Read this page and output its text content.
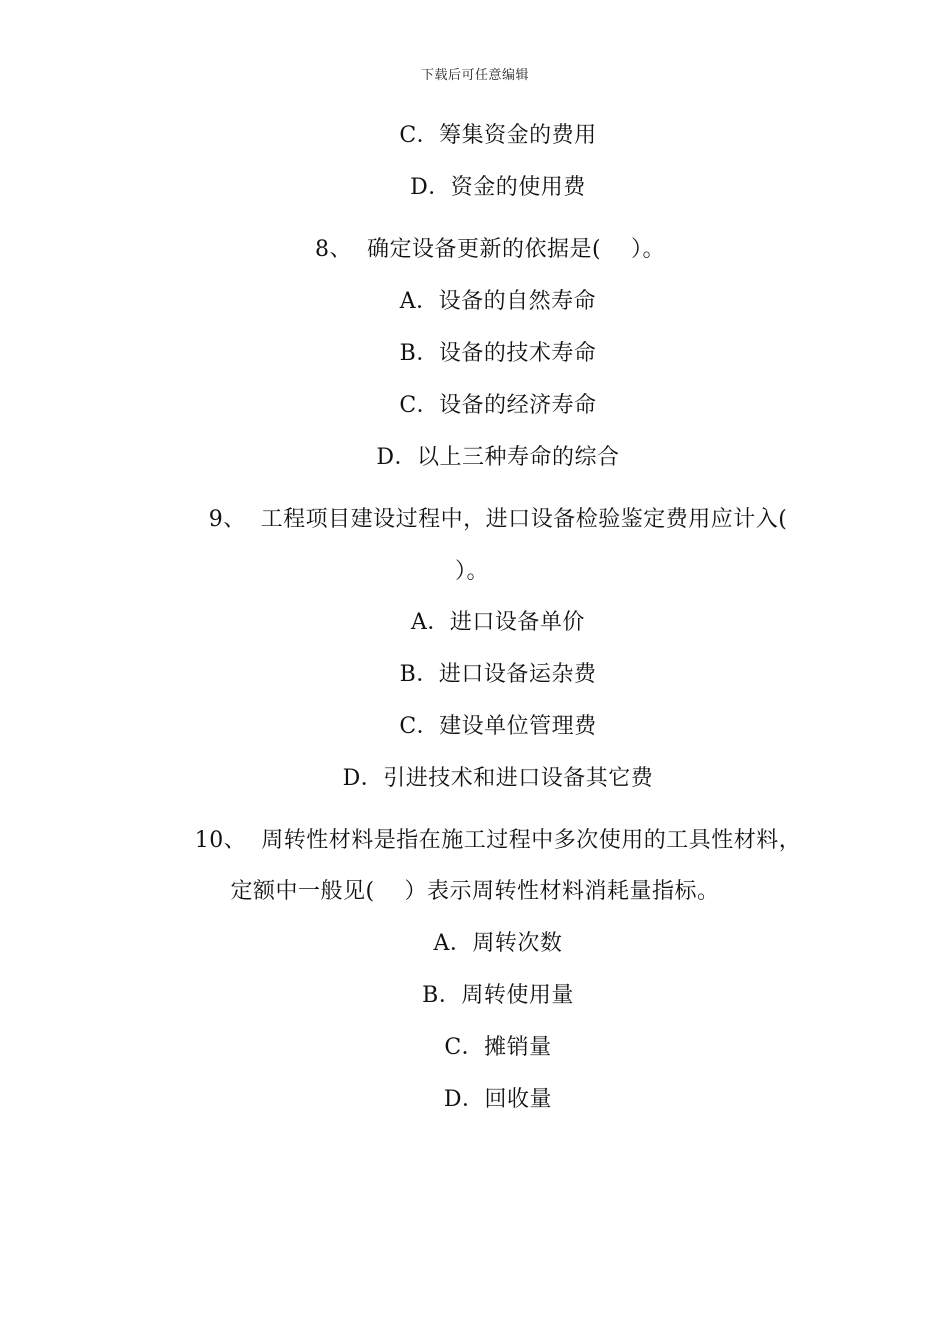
下载后可任意编辑
C．筹集资金的费用
D．资金的使用费
8、  确定设备更新的依据是(    ）。
A．设备的自然寿命
B．设备的技术寿命
C．设备的经济寿命
D．以上三种寿命的综合
9、  工程项目建设过程中，进口设备检验鉴定费用应计入(
）。
A．进口设备单价
B．进口设备运杂费
C．建设单位管理费
D．引进技术和进口设备其它费
10、  周转性材料是指在施工过程中多次使用的工具性材料，
定额中一般见(    ）表示周转性材料消耗量指标。
A．周转次数
B．周转使用量
C．摊销量
D．回收量
